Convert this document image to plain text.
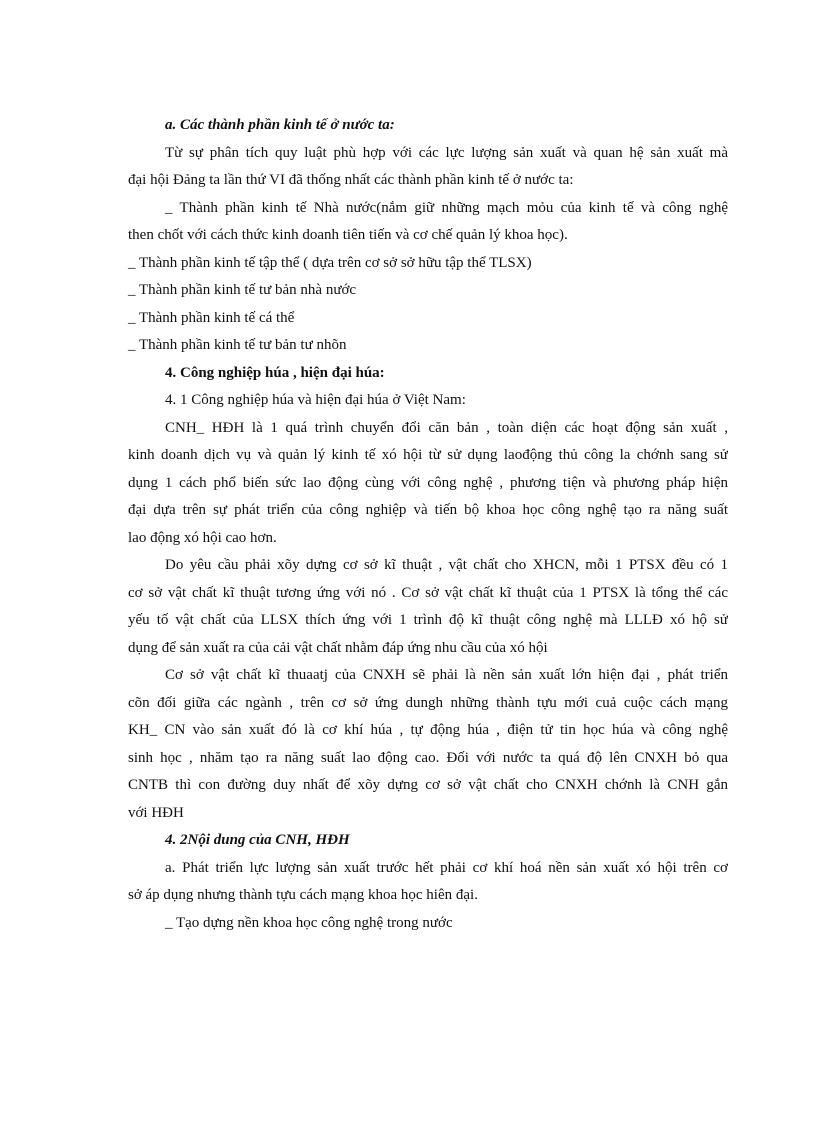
a. Các thành phần kinh tế ở nước ta:
Từ sự phân tích quy luật phù hợp với các lực lượng sản xuất và quan hệ sản xuất mà
đại hội Đảng ta lần thứ VI đã thống nhất các thành phần kinh tế ở nước ta:
_ Thành phần kinh tế Nhà nước(nắm giữ những mạch mỏu của kinh tế và công nghệ
then chốt với cách thức kinh doanh tiên tiến và cơ chế quản lý khoa học).
_ Thành phần kinh tế tập thể ( dựa trên cơ sở sở hữu tập thể TLSX)
_ Thành phần kinh tế tư bản nhà nước
_ Thành phần kinh tế cá thể
_ Thành phần kinh tế tư bản tư nhõn
4. Công nghiệp húa , hiện đại húa:
4. 1 Công nghiệp húa và hiện đại húa ở Việt Nam:
CNH_ HĐH là 1 quá trình chuyển đổi căn bản , toàn diện các hoạt động sản xuất ,
kinh doanh dịch vụ và quản lý kinh tế xó hội từ sử dụng laođộng thủ công la chớnh sang sử
dụng 1 cách phổ biến sức lao động cùng với công nghệ , phương tiện và phương pháp hiện
đại dựa trên sự phát triển của công nghiệp và tiến bộ khoa học công nghệ tạo ra năng suất
lao động xó hội cao hơn.
Do yêu cầu phải xõy dựng cơ sở kĩ thuật , vật chất cho XHCN, mỗi 1 PTSX đều có 1
cơ sở vật chất kĩ thuật tương ứng với nó . Cơ sở vật chất kĩ thuật của 1 PTSX là tổng thể các
yếu tố vật chất của LLSX thích ứng với 1 trình độ kĩ thuật công nghệ mà LLLĐ xó hộ sử
dụng để sản xuất ra của cải vật chất nhằm đáp ứng nhu cầu của xó hội
Cơ sở vật chất kĩ thuaatj của CNXH sẽ phải là nền sản xuất lớn hiện đại , phát triển
cõn đối giữa các ngành , trên cơ sở ứng dungh những thành tựu mới cuả cuộc cách mạng
KH_ CN vào sản xuất đó là cơ khí húa , tự động húa , điện tử tin học húa và công nghệ
sinh học , nhăm tạo ra năng suất lao động cao. Đối với nước ta quá độ lên CNXH bỏ qua
CNTB thì con đường duy nhất để xõy dựng cơ sở vật chất cho CNXH chớnh là CNH gắn
với HĐH
4. 2Nội dung của CNH, HĐH
a. Phát triển lực lượng sản xuất trước hết phải cơ khí hoá nền sản xuất xó hội trên cơ
sở áp dụng nhưng thành tựu cách mạng khoa học hiên đại.
_ Tạo dựng nền khoa học công nghệ trong nước
